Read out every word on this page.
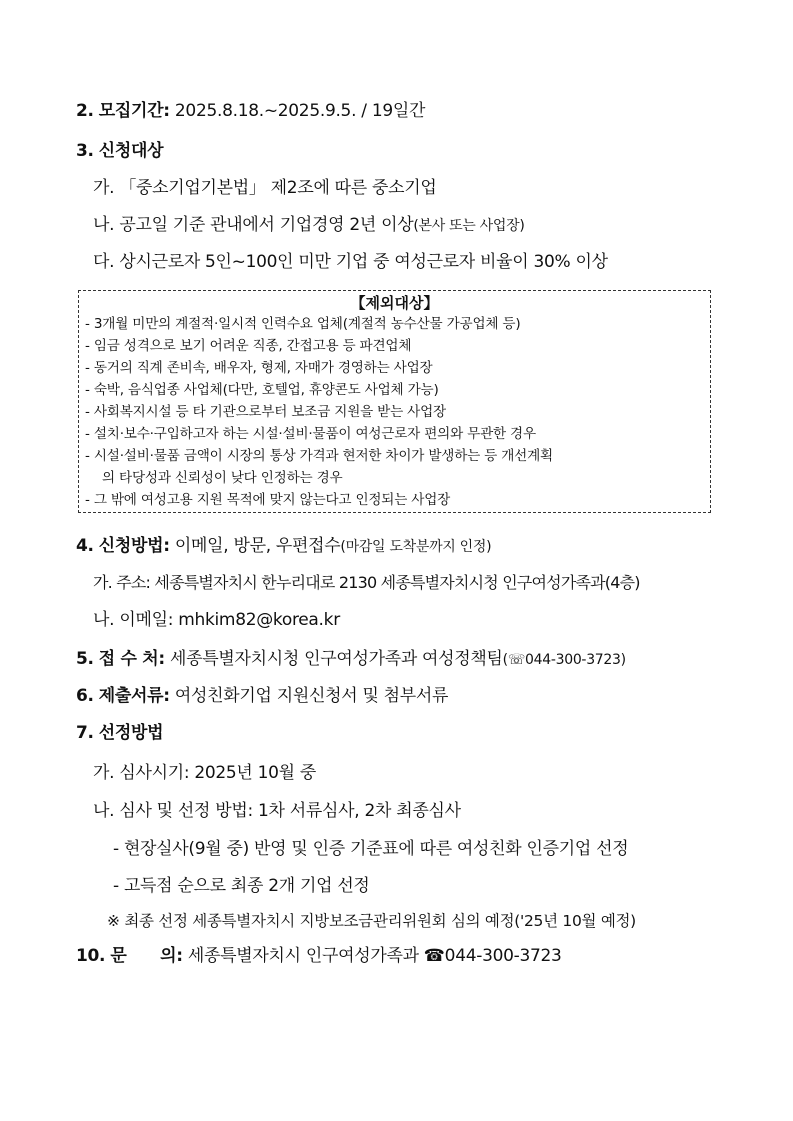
2. 모집기간: 2025.8.18.~2025.9.5. / 19일간
3. 신청대상
가. 「중소기업기본법」 제2조에 따른 중소기업
나. 공고일 기준 관내에서 기업경영 2년 이상(본사 또는 사업장)
다. 상시근로자 5인~100인 미만 기업 중 여성근로자 비율이 30% 이상
【제외대상】
- 3개월 미만의 계절적·일시적 인력수요 업체(계절적 농수산물 가공업체 등)
- 임금 성격으로 보기 어려운 직종, 간접고용 등 파견업체
- 동거의 직계 존비속, 배우자, 형제, 자매가 경영하는 사업장
- 숙박, 음식업종 사업체(다만, 호텔업, 휴양콘도 사업체 가능)
- 사회복지시설 등 타 기관으로부터 보조금 지원을 받는 사업장
- 설치·보수·구입하고자 하는 시설·설비·물품이 여성근로자 편의와 무관한 경우
- 시설·설비·물품 금액이 시장의 통상 가격과 현저한 차이가 발생하는 등 개선계획
의 타당성과 신뢰성이 낮다 인정하는 경우
- 그 밖에 여성고용 지원 목적에 맞지 않는다고 인정되는 사업장
4. 신청방법: 이메일, 방문, 우편접수(마감일 도착분까지 인정)
가. 주소: 세종특별자치시 한누리대로 2130 세종특별자치시청 인구여성가족과(4층)
나. 이메일: mhkim82@korea.kr
5. 접 수 처: 세종특별자치시청 인구여성가족과 여성정책팀(☏044-300-3723)
6. 제출서류: 여성친화기업 지원신청서 및 첨부서류
7. 선정방법
가. 심사시기: 2025년 10월 중
나. 심사 및 선정 방법: 1차 서류심사, 2차 최종심사
- 현장실사(9월 중) 반영 및 인증 기준표에 따른 여성친화 인증기업 선정
- 고득점 순으로 최종 2개 기업 선정
※ 최종 선정 세종특별자치시 지방보조금관리위원회 심의 예정('25년 10월 예정)
10. 문      의: 세종특별자치시 인구여성가족과 ☎044-300-3723
